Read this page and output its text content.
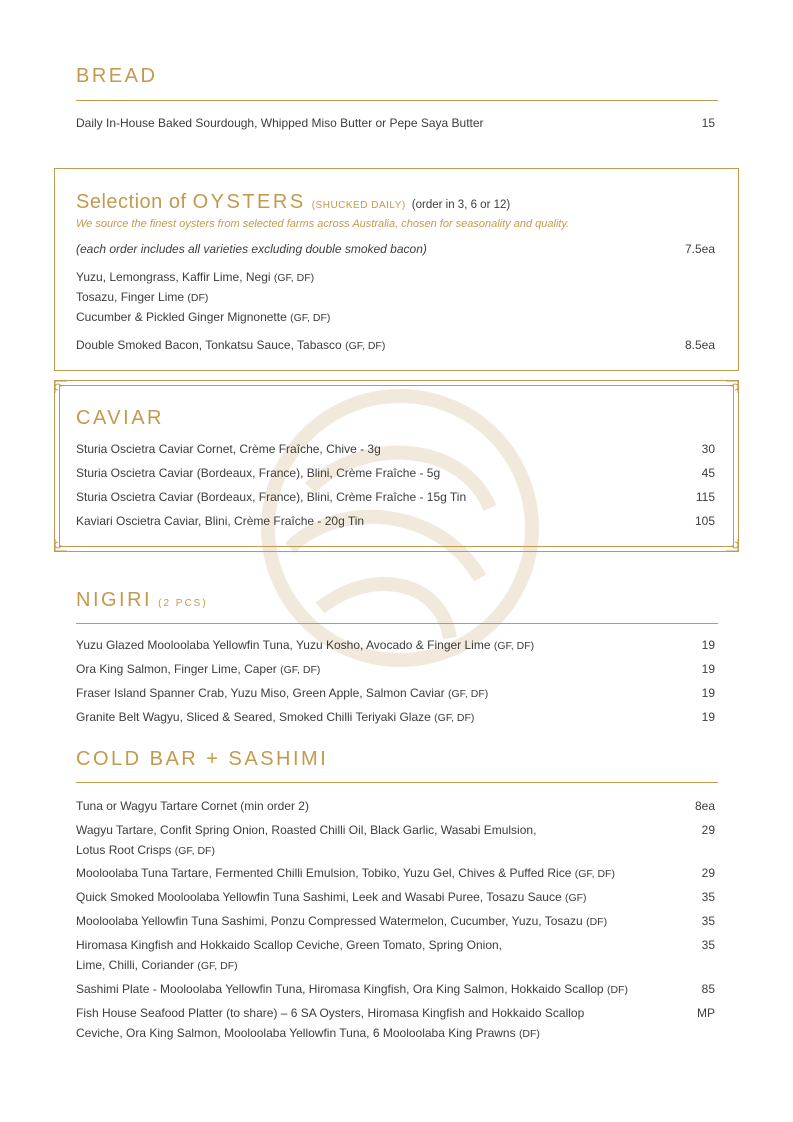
BREAD
Daily In-House Baked Sourdough, Whipped Miso Butter or Pepe Saya Butter	15
Selection of OYSTERS (SHUCKED DAILY) (order in 3, 6 or 12)
We source the finest oysters from selected farms across Australia, chosen for seasonality and quality.
(each order includes all varieties excluding double smoked bacon)	7.5ea
Yuzu, Lemongrass, Kaffir Lime, Negi (GF, DF)
Tosazu, Finger Lime (DF)
Cucumber & Pickled Ginger Mignonette (GF, DF)
Double Smoked Bacon, Tonkatsu Sauce, Tabasco (GF, DF)	8.5ea
CAVIAR
Sturia Oscietra Caviar Cornet, Crème Fraîche, Chive - 3g	30
Sturia Oscietra Caviar (Bordeaux, France), Blini, Crème Fraîche - 5g	45
Sturia Oscietra Caviar (Bordeaux, France), Blini, Crème Fraîche - 15g Tin	115
Kaviari Oscietra Caviar, Blini, Crème Fraîche - 20g Tin	105
NIGIRI (2 PCS)
Yuzu Glazed Mooloolaba Yellowfin Tuna, Yuzu Kosho, Avocado & Finger Lime (GF, DF)	19
Ora King Salmon, Finger Lime, Caper (GF, DF)	19
Fraser Island Spanner Crab, Yuzu Miso, Green Apple, Salmon Caviar (GF, DF)	19
Granite Belt Wagyu, Sliced & Seared, Smoked Chilli Teriyaki Glaze (GF, DF)	19
COLD BAR + SASHIMI
Tuna or Wagyu Tartare Cornet (min order 2)	8ea
Wagyu Tartare, Confit Spring Onion, Roasted Chilli Oil, Black Garlic, Wasabi Emulsion,
Lotus Root Crisps (GF, DF)
29
Mooloolaba Tuna Tartare, Fermented Chilli Emulsion, Tobiko, Yuzu Gel, Chives & Puffed Rice (GF, DF)	29
Quick Smoked Mooloolaba Yellowfin Tuna Sashimi, Leek and Wasabi Puree, Tosazu Sauce (GF)	35
Mooloolaba Yellowfin Tuna Sashimi, Ponzu Compressed Watermelon, Cucumber, Yuzu, Tosazu (DF)	35
Hiromasa Kingfish and Hokkaido Scallop Ceviche, Green Tomato, Spring Onion,
Lime, Chilli, Coriander (GF, DF)
35
Sashimi Plate - Mooloolaba Yellowfin Tuna, Hiromasa Kingfish, Ora King Salmon, Hokkaido Scallop (DF)	85
Fish House Seafood Platter (to share) – 6 SA Oysters, Hiromasa Kingfish and Hokkaido Scallop
Ceviche, Ora King Salmon, Mooloolaba Yellowfin Tuna, 6 Mooloolaba King Prawns (DF)
MP
